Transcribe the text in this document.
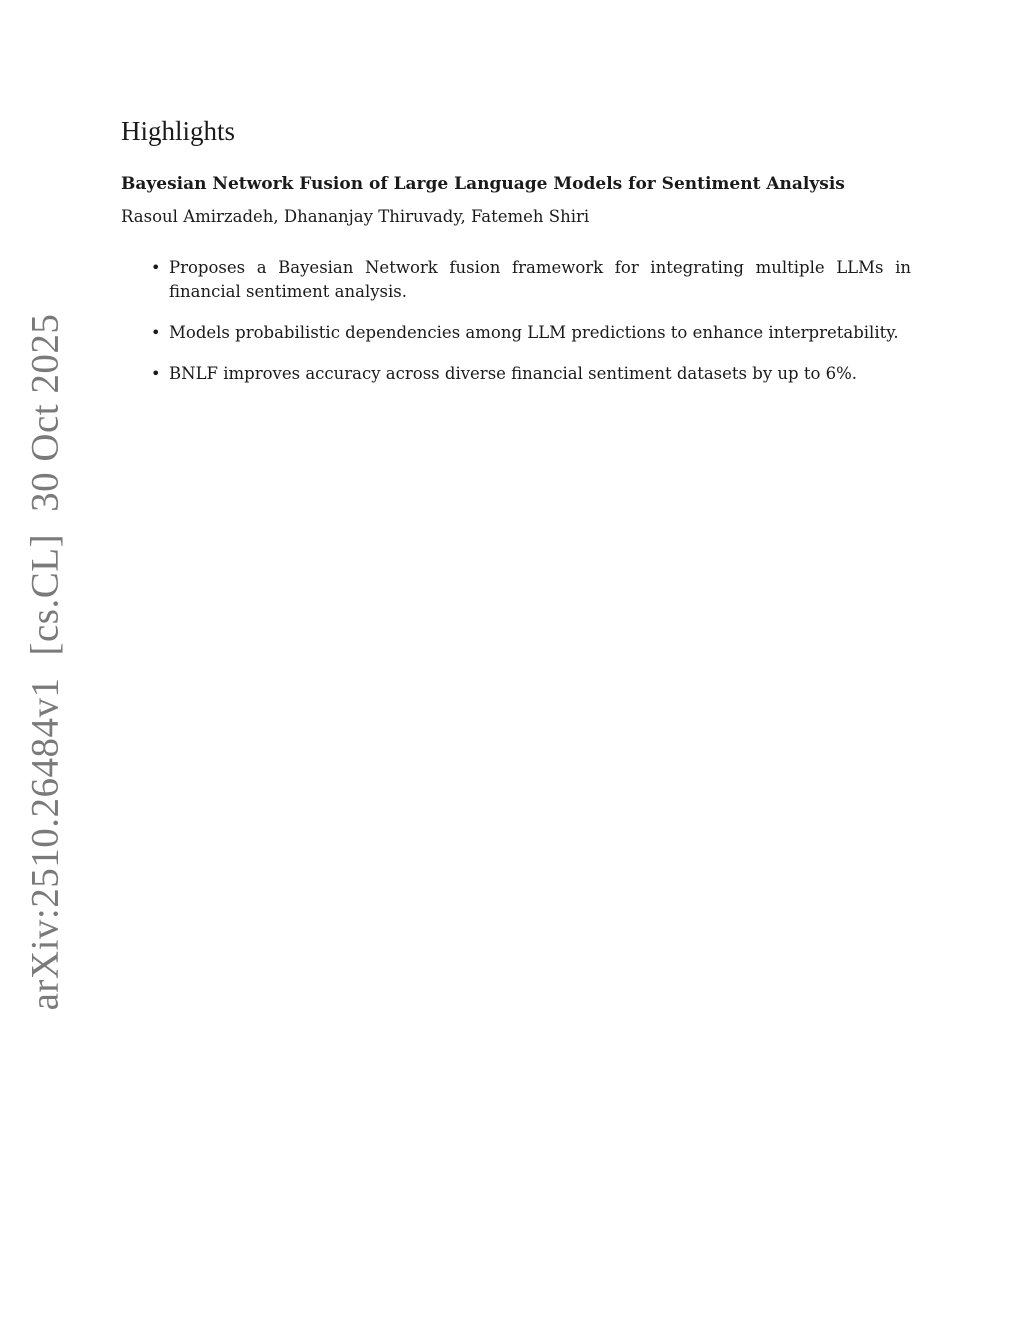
arXiv:2510.26484v1[cs.CL]30 Oct 2025
Highlights
Bayesian Network Fusion of Large Language Models for Sentiment Analysis
Rasoul Amirzadeh, Dhananjay Thiruvady, Fatemeh Shiri
• Proposes a Bayesian Network fusion framework for integrating multiple LLMs in financial sentiment analysis.
• Models probabilistic dependencies among LLM predictions to enhance interpretability.
• BNLF improves accuracy across diverse financial sentiment datasets by up to 6%.
